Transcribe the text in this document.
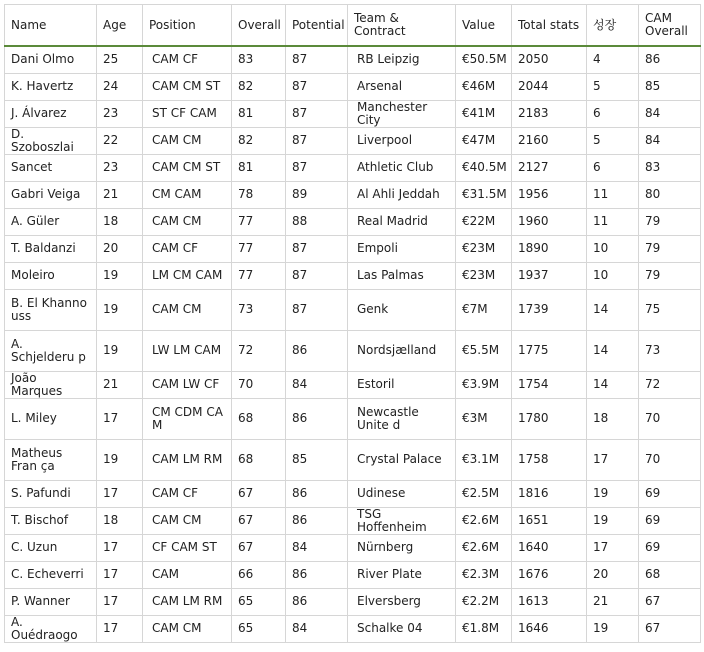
Name	Age	Position	Overall	Potential	Team & Contract	Value	Total stats	성장	CAM Overall
Dani Olmo	25	CAM CF	83	87	RB Leipzig	€50.5M	2050	4	86
K. Havertz	24	CAM CM ST	82	87	Arsenal	€46M	2044	5	85
J. Álvarez	23	ST CF CAM	81	87	Manchester City	€41M	2183	6	84
D. Szoboszlai	22	CAM CM	82	87	Liverpool	€47M	2160	5	84
Sancet	23	CAM CM ST	81	87	Athletic Club	€40.5M	2127	6	83
Gabri Veiga	21	CM CAM	78	89	Al Ahli Jeddah	€31.5M	1956	11	80
A. Güler	18	CAM CM	77	88	Real Madrid	€22M	1960	11	79
T. Baldanzi	20	CAM CF	77	87	Empoli	€23M	1890	10	79
Moleiro	19	LM CM CAM	77	87	Las Palmas	€23M	1937	10	79
B. El Khanno uss	19	CAM CM	73	87	Genk	€7M	1739	14	75
A. Schjelderu p	19	LW LM CAM	72	86	Nordsjælland	€5.5M	1775	14	73
João Marques	21	CAM LW CF	70	84	Estoril	€3.9M	1754	14	72
L. Miley	17	CM CDM CA M	68	86	Newcastle Unite d	€3M	1780	18	70
Matheus Fran ça	19	CAM LM RM	68	85	Crystal Palace	€3.1M	1758	17	70
S. Pafundi	17	CAM CF	67	86	Udinese	€2.5M	1816	19	69
T. Bischof	18	CAM CM	67	86	TSG Hoffenheim	€2.6M	1651	19	69
C. Uzun	17	CF CAM ST	67	84	Nürnberg	€2.6M	1640	17	69
C. Echeverri	17	CAM	66	86	River Plate	€2.3M	1676	20	68
P. Wanner	17	CAM LM RM	65	86	Elversberg	€2.2M	1613	21	67
A. Ouédraogo	17	CAM CM	65	84	Schalke 04	€1.8M	1646	19	67
